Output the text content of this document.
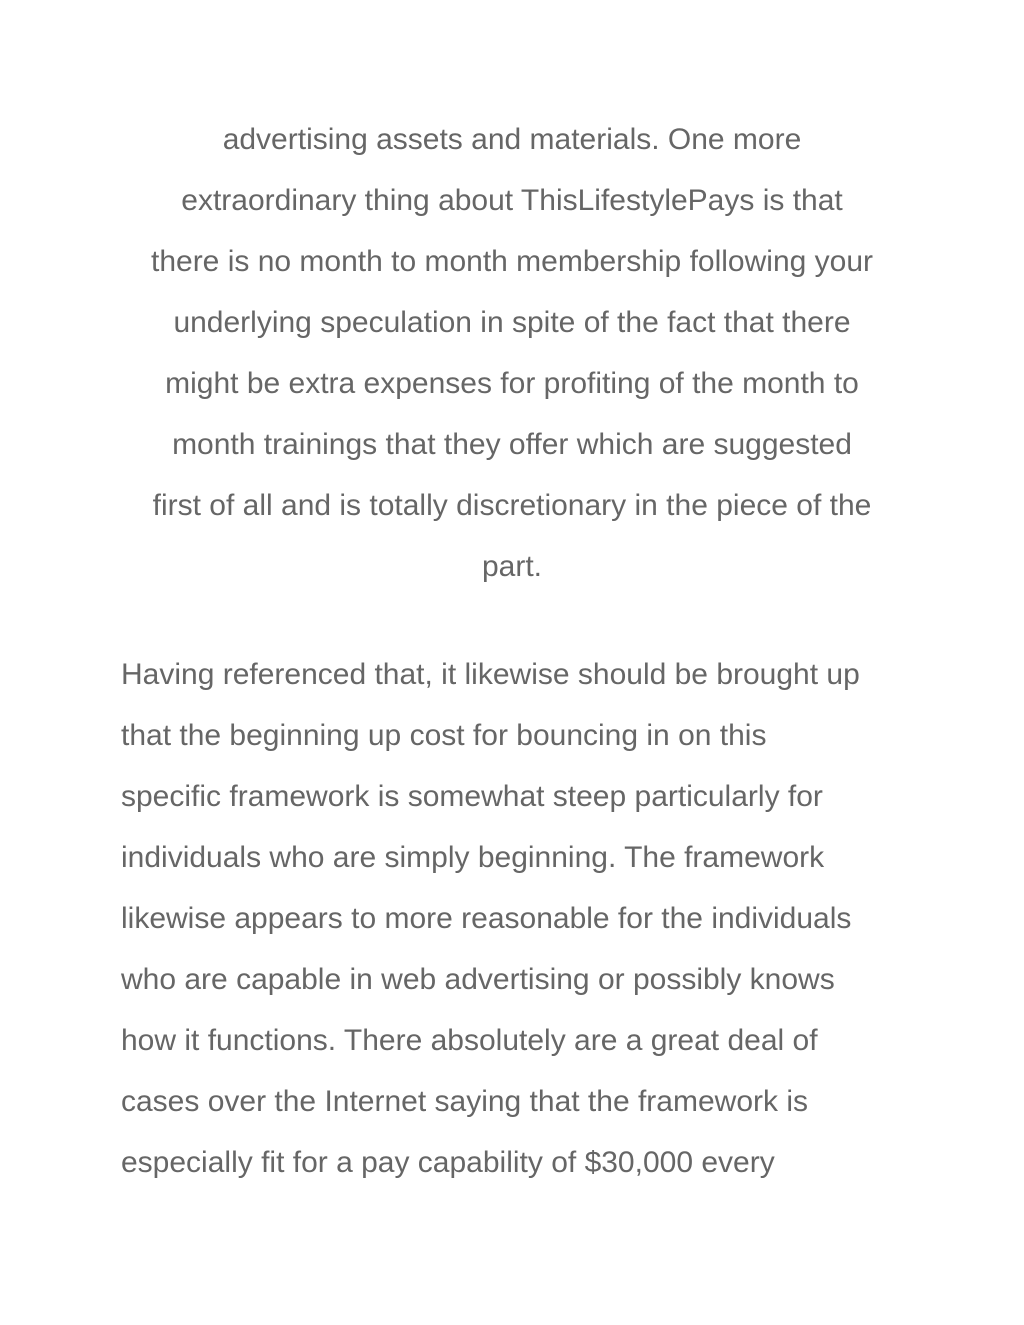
advertising assets and materials. One more
extraordinary thing about ThisLifestylePays is that
there is no month to month membership following your
underlying speculation in spite of the fact that there
might be extra expenses for profiting of the month to
month trainings that they offer which are suggested
first of all and is totally discretionary in the piece of the
part.
Having referenced that, it likewise should be brought up
that the beginning up cost for bouncing in on this
specific framework is somewhat steep particularly for
individuals who are simply beginning. The framework
likewise appears to more reasonable for the individuals
who are capable in web advertising or possibly knows
how it functions. There absolutely are a great deal of
cases over the Internet saying that the framework is
especially fit for a pay capability of $30,000 every
